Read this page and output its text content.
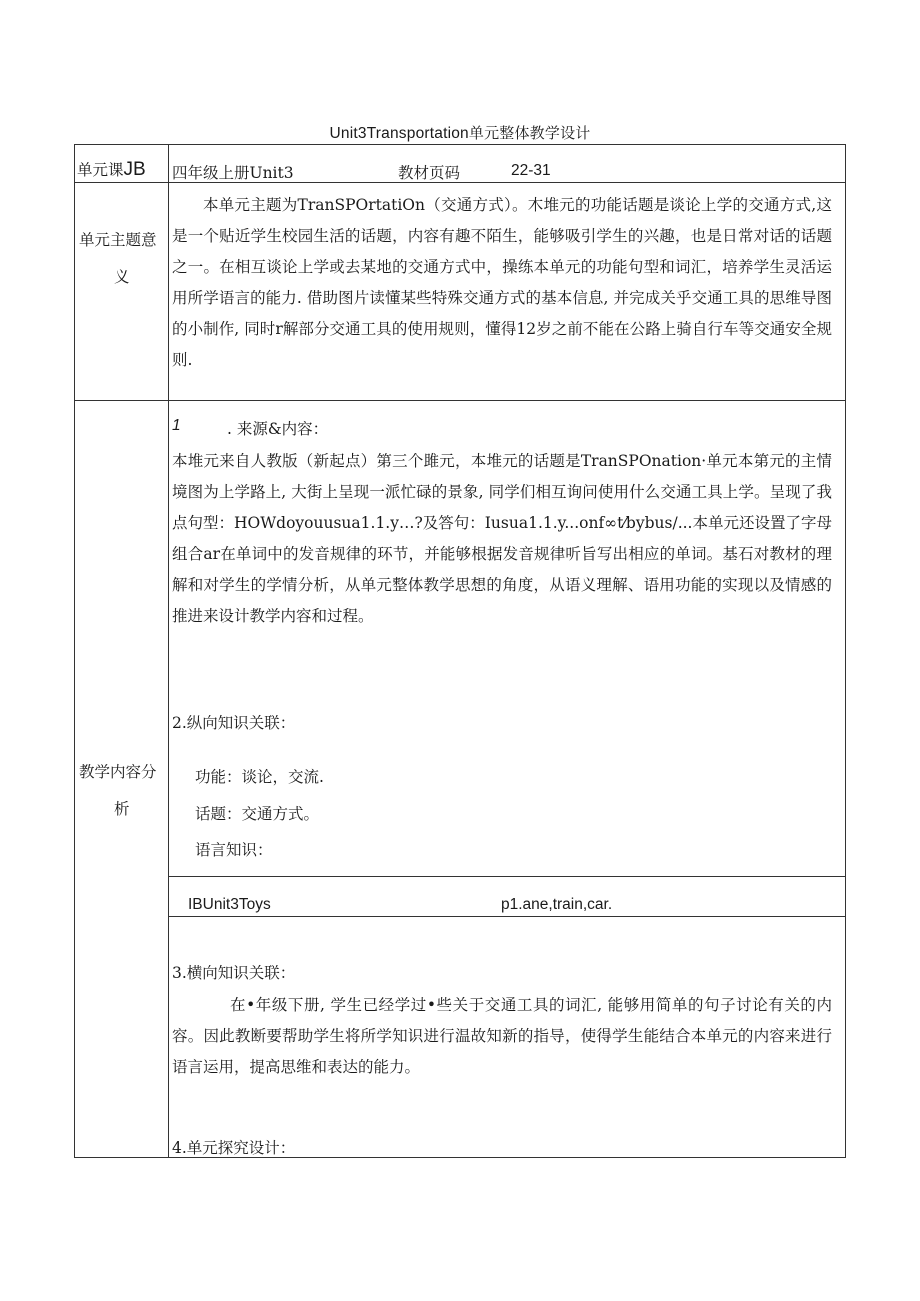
Unit3Transportation单元整体教学设计
单元课JB 四年级上册Unit3	教材页码	22-31
单元主题意
义

本单元主题为TranSPOrtatiOn（交通方式）。木堆元的功能话题是谈论上学的交通方式,这是一个贴近学生校园生活的话题，内容有趣不陌生，能够吸引学生的兴趣，也是日常对话的话题之一。在相互谈论上学或去某地的交通方式中，操练本单元的功能句型和词汇，培养学生灵活运用所学语言的能力. 借助图片读懂某些特殊交通方式的基本信息, 并完成关乎交通工具的思维导图的小制作, 同时r解部分交通工具的使用规则，懂得12岁之前不能在公路上骑自行车等交通安全规则.

教学内容分
析
1	. 来源&内容：

本堆元来自人教版（新起点）第三个雎元，本堆元的话题是TranSPOnation·单元本第元的主情境图为上学路上, 大街上呈现一派忙碌的景象, 同学们相互询问使用什么交通工具上学。呈现了我点句型：HOWdoyouusua1.1.y…?及答句：Iusua1.1.y...onf∞t⁄bybus/...本单元还设置了字母组合ar在单词中的发音规律的环节，并能够根据发音规律听旨写出相应的单词。基石对教材的理解和对学生的学情分析，从单元整体教学思想的角度，从语义理解、语用功能的实现以及情感的推进来设计教学内容和过程。

2.纵向知识关联：
功能：谈论，交流.
话题：交通方式。
语言知识：
IBUnit3Toys	p1.ane,train,car.
3.横向知识关联：

在•年级下册, 学生已经学过•些关于交通工具的词汇, 能够用简单的句子讨论有关的内容。因此教断要帮助学生将所学知识进行温故知新的指导，使得学生能结合本单元的内容来进行语言运用，提高思维和表达的能力。

4.单元探究设计：
